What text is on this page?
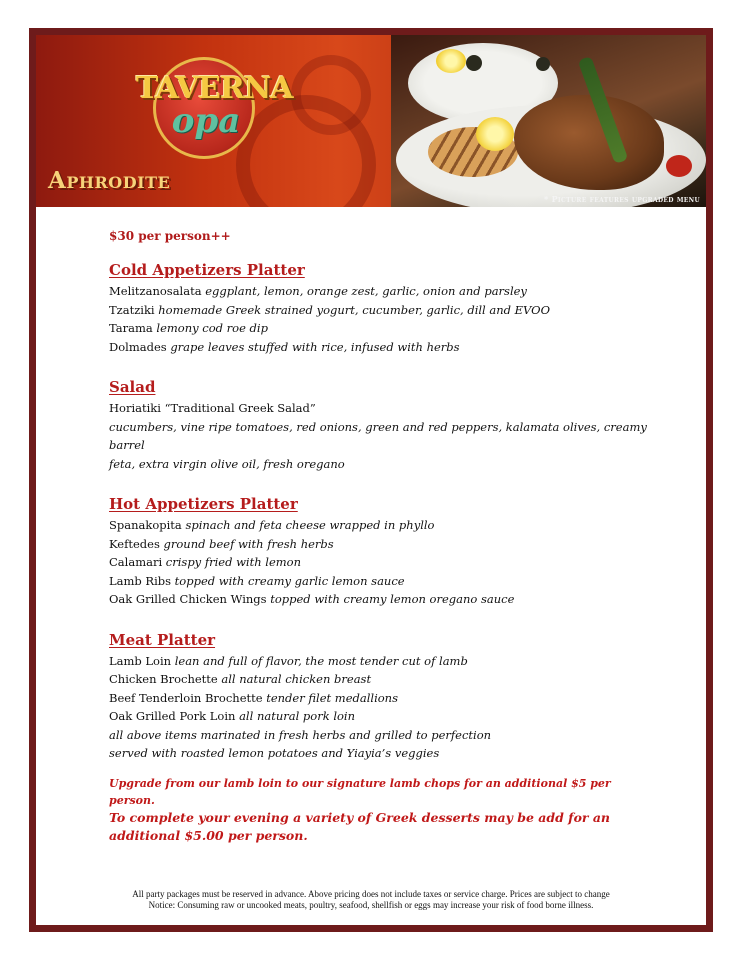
TAVERNA
opa
Aphrodite
* Picture features upgraded menu
$30 per person++
Cold Appetizers Platter
Melitzanosalata eggplant, lemon, orange zest, garlic, onion and parsley
Tzatziki homemade Greek strained yogurt, cucumber, garlic, dill and EVOO
Tarama lemony cod roe dip
Dolmades grape leaves stuffed with rice, infused with herbs
Salad
Horiatiki “Traditional Greek Salad”
cucumbers, vine ripe tomatoes, red onions, green and red peppers, kalamata olives, creamy barrel
feta, extra virgin olive oil, fresh oregano
Hot Appetizers Platter
Spanakopita spinach and feta cheese wrapped in phyllo
Keftedes ground beef with fresh herbs
Calamari crispy fried with lemon
Lamb Ribs topped with creamy garlic lemon sauce
Oak Grilled Chicken Wings topped with creamy lemon oregano sauce
Meat Platter
Lamb Loin lean and full of flavor, the most tender cut of lamb
Chicken Brochette all natural chicken breast
Beef Tenderloin Brochette tender filet medallions
Oak Grilled Pork Loin all natural pork loin
all above items marinated in fresh herbs and grilled to perfection
served with roasted lemon potatoes and Yiayia’s veggies
Upgrade from our lamb loin to our signature lamb chops for an additional $5 per person.
To complete your evening a variety of Greek desserts may be add for an additional $5.00 per person.
All party packages must be reserved in advance. Above pricing does not include taxes or service charge. Prices are subject to change
Notice: Consuming raw or uncooked meats, poultry, seafood, shellfish or eggs may increase your risk of food borne illness.
